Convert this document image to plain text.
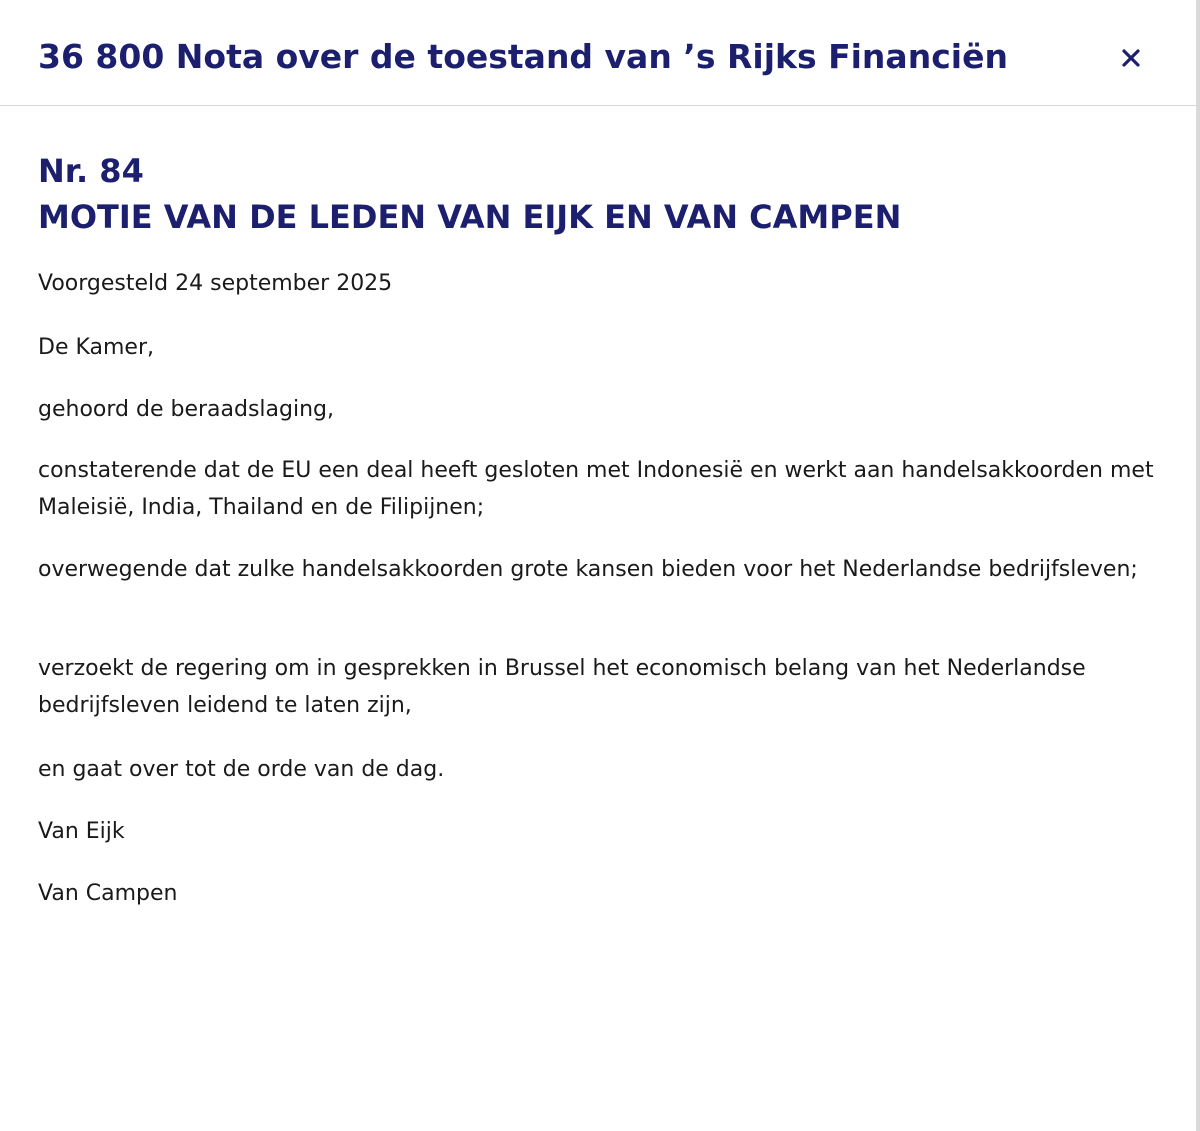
36 800 Nota over de toestand van ’s Rijks Financiën
Nr. 84
MOTIE VAN DE LEDEN VAN EIJK EN VAN CAMPEN

Voorgesteld 24 september 2025

De Kamer,

gehoord de beraadslaging,

constaterende dat de EU een deal heeft gesloten met Indonesië en werkt aan handelsakkoorden met Maleisië, India, Thailand en de Filipijnen;

overwegende dat zulke handelsakkoorden grote kansen bieden voor het Nederlandse bedrijfsleven;

verzoekt de regering om in gesprekken in Brussel het economisch belang van het Nederlandse bedrijfsleven leidend te laten zijn,

en gaat over tot de orde van de dag.

Van Eijk

Van Campen
